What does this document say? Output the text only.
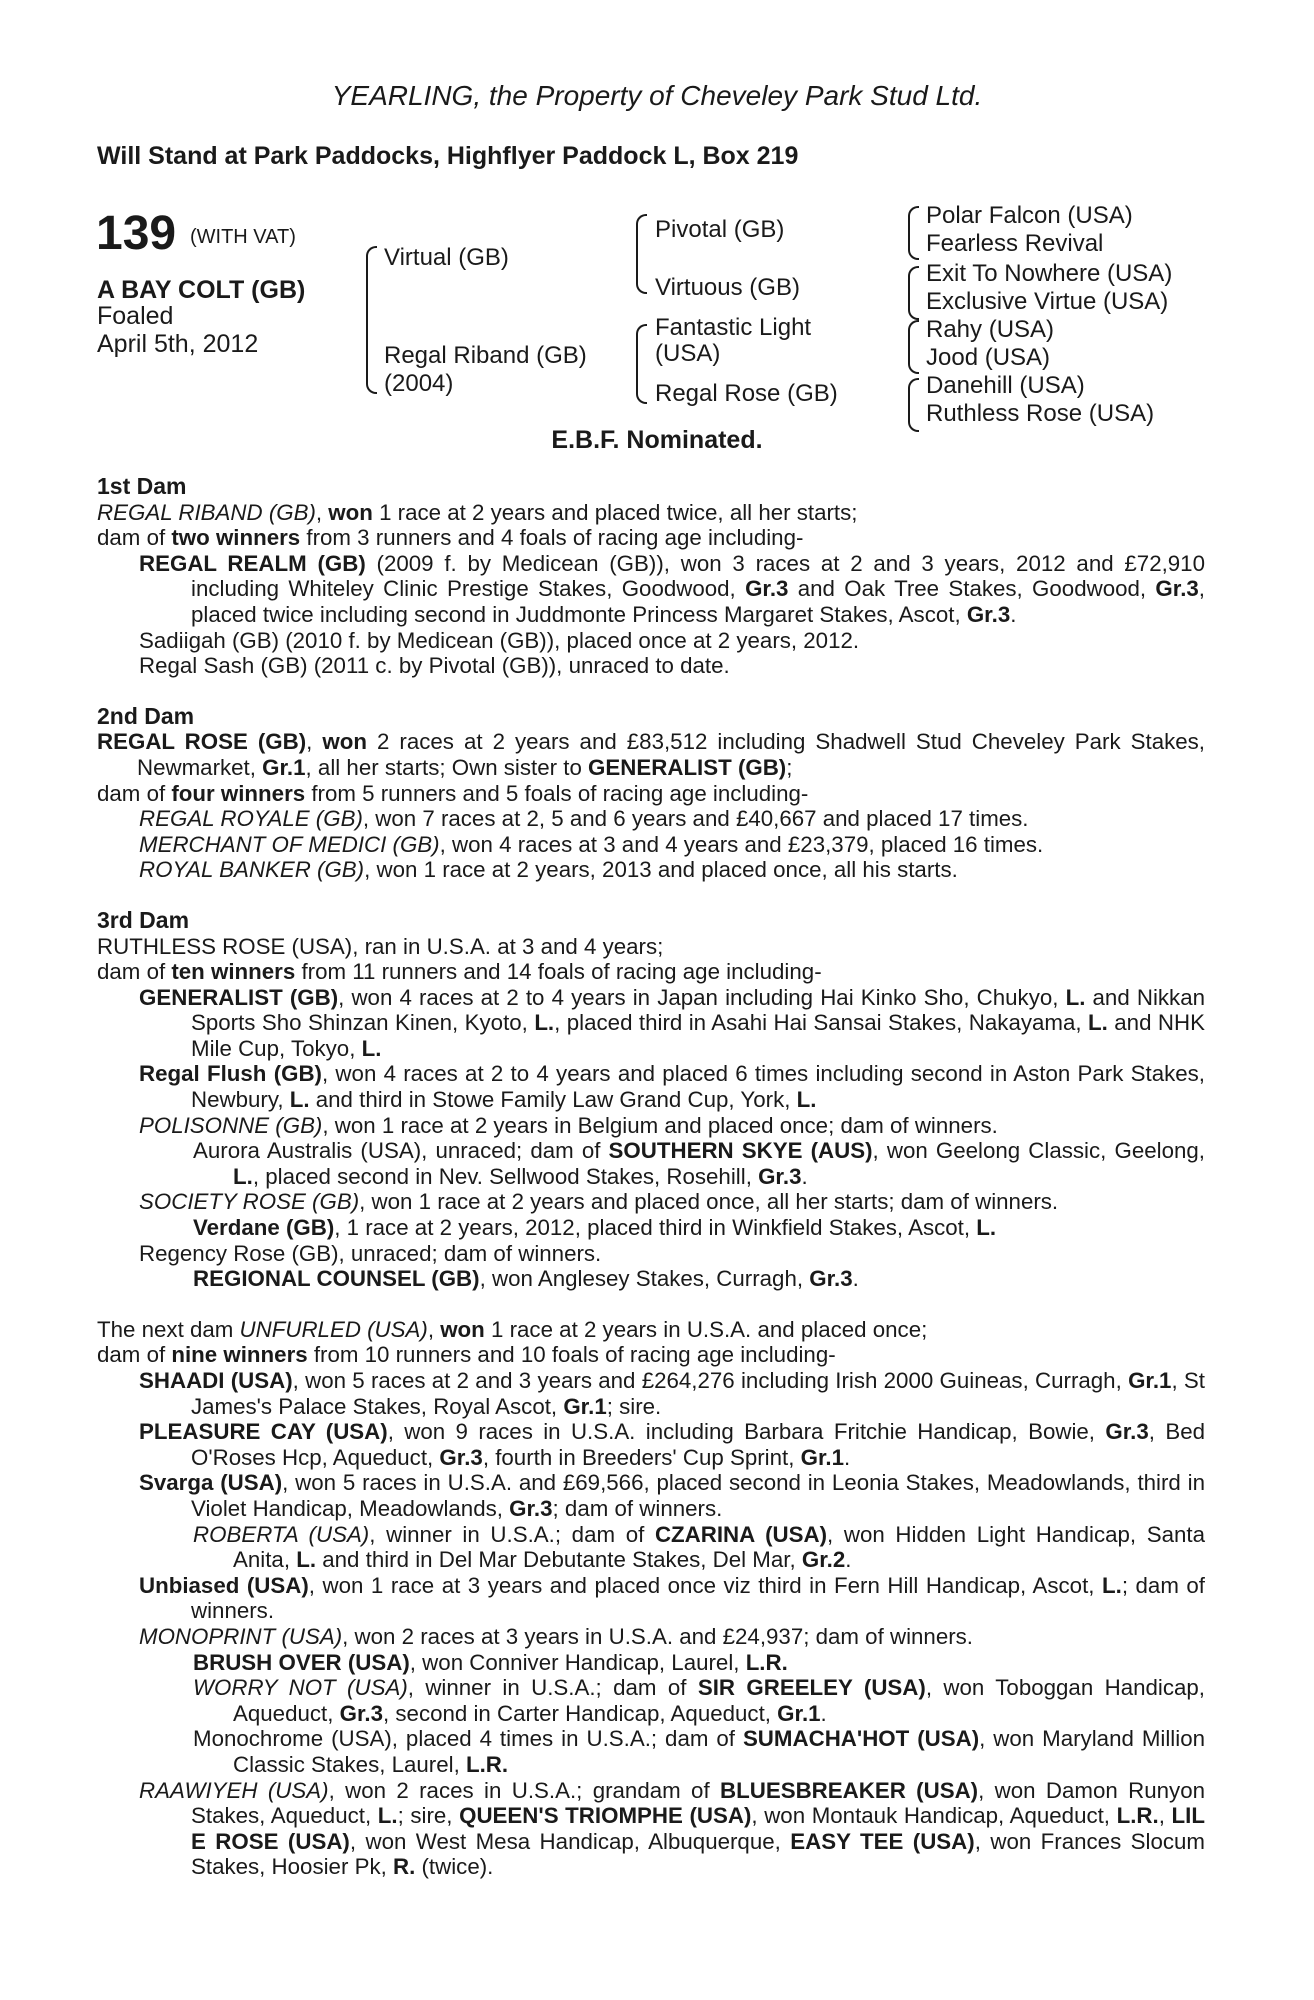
YEARLING, the Property of Cheveley Park Stud Ltd.
Will Stand at Park Paddocks, Highflyer Paddock L, Box 219
139 (WITH VAT)
A BAY COLT (GB)
Foaled
April 5th, 2012
Virtual (GB)
Regal Riband (GB)
(2004)
Pivotal (GB)
Virtuous (GB)
Fantastic Light
(USA)
Regal Rose (GB)
Polar Falcon (USA)
Fearless Revival
Exit To Nowhere (USA)
Exclusive Virtue (USA)
Rahy (USA)
Jood (USA)
Danehill (USA)
Ruthless Rose (USA)
E.B.F. Nominated.

1st Dam

REGAL RIBAND (GB), won 1 race at 2 years and placed twice, all her starts;

dam of two winners from 3 runners and 4 foals of racing age including-

REGAL REALM (GB) (2009 f. by Medicean (GB)), won 3 races at 2 and 3 years, 2012 and £72,910 including Whiteley Clinic Prestige Stakes, Goodwood, Gr.3 and Oak Tree Stakes, Goodwood, Gr.3, placed twice including second in Juddmonte Princess Margaret Stakes, Ascot, Gr.3.

Sadiigah (GB) (2010 f. by Medicean (GB)), placed once at 2 years, 2012.

Regal Sash (GB) (2011 c. by Pivotal (GB)), unraced to date.

2nd Dam

REGAL ROSE (GB), won 2 races at 2 years and £83,512 including Shadwell Stud Cheveley Park Stakes, Newmarket, Gr.1, all her starts; Own sister to GENERALIST (GB);

dam of four winners from 5 runners and 5 foals of racing age including-

REGAL ROYALE (GB), won 7 races at 2, 5 and 6 years and £40,667 and placed 17 times.

MERCHANT OF MEDICI (GB), won 4 races at 3 and 4 years and £23,379, placed 16 times.

ROYAL BANKER (GB), won 1 race at 2 years, 2013 and placed once, all his starts.

3rd Dam

RUTHLESS ROSE (USA), ran in U.S.A. at 3 and 4 years;

dam of ten winners from 11 runners and 14 foals of racing age including-

GENERALIST (GB), won 4 races at 2 to 4 years in Japan including Hai Kinko Sho, Chukyo, L. and Nikkan Sports Sho Shinzan Kinen, Kyoto, L., placed third in Asahi Hai Sansai Stakes, Nakayama, L. and NHK Mile Cup, Tokyo, L.

Regal Flush (GB), won 4 races at 2 to 4 years and placed 6 times including second in Aston Park Stakes, Newbury, L. and third in Stowe Family Law Grand Cup, York, L.

POLISONNE (GB), won 1 race at 2 years in Belgium and placed once; dam of winners.

Aurora Australis (USA), unraced; dam of SOUTHERN SKYE (AUS), won Geelong Classic, Geelong, L., placed second in Nev. Sellwood Stakes, Rosehill, Gr.3.

SOCIETY ROSE (GB), won 1 race at 2 years and placed once, all her starts; dam of winners.

Verdane (GB), 1 race at 2 years, 2012, placed third in Winkfield Stakes, Ascot, L.

Regency Rose (GB), unraced; dam of winners.

REGIONAL COUNSEL (GB), won Anglesey Stakes, Curragh, Gr.3.

The next dam UNFURLED (USA), won 1 race at 2 years in U.S.A. and placed once;

dam of nine winners from 10 runners and 10 foals of racing age including-

SHAADI (USA), won 5 races at 2 and 3 years and £264,276 including Irish 2000 Guineas, Curragh, Gr.1, St James's Palace Stakes, Royal Ascot, Gr.1; sire.

PLEASURE CAY (USA), won 9 races in U.S.A. including Barbara Fritchie Handicap, Bowie, Gr.3, Bed O'Roses Hcp, Aqueduct, Gr.3, fourth in Breeders' Cup Sprint, Gr.1.

Svarga (USA), won 5 races in U.S.A. and £69,566, placed second in Leonia Stakes, Meadowlands, third in Violet Handicap, Meadowlands, Gr.3; dam of winners.

ROBERTA (USA), winner in U.S.A.; dam of CZARINA (USA), won Hidden Light Handicap, Santa Anita, L. and third in Del Mar Debutante Stakes, Del Mar, Gr.2.

Unbiased (USA), won 1 race at 3 years and placed once viz third in Fern Hill Handicap, Ascot, L.; dam of winners.

MONOPRINT (USA), won 2 races at 3 years in U.S.A. and £24,937; dam of winners.

BRUSH OVER (USA), won Conniver Handicap, Laurel, L.R.

WORRY NOT (USA), winner in U.S.A.; dam of SIR GREELEY (USA), won Toboggan Handicap, Aqueduct, Gr.3, second in Carter Handicap, Aqueduct, Gr.1.

Monochrome (USA), placed 4 times in U.S.A.; dam of SUMACHA'HOT (USA), won Maryland Million Classic Stakes, Laurel, L.R.

RAAWIYEH (USA), won 2 races in U.S.A.; grandam of BLUESBREAKER (USA), won Damon Runyon Stakes, Aqueduct, L.; sire, QUEEN'S TRIOMPHE (USA), won Montauk Handicap, Aqueduct, L.R., LIL E ROSE (USA), won West Mesa Handicap, Albuquerque, EASY TEE (USA), won Frances Slocum Stakes, Hoosier Pk, R. (twice).
